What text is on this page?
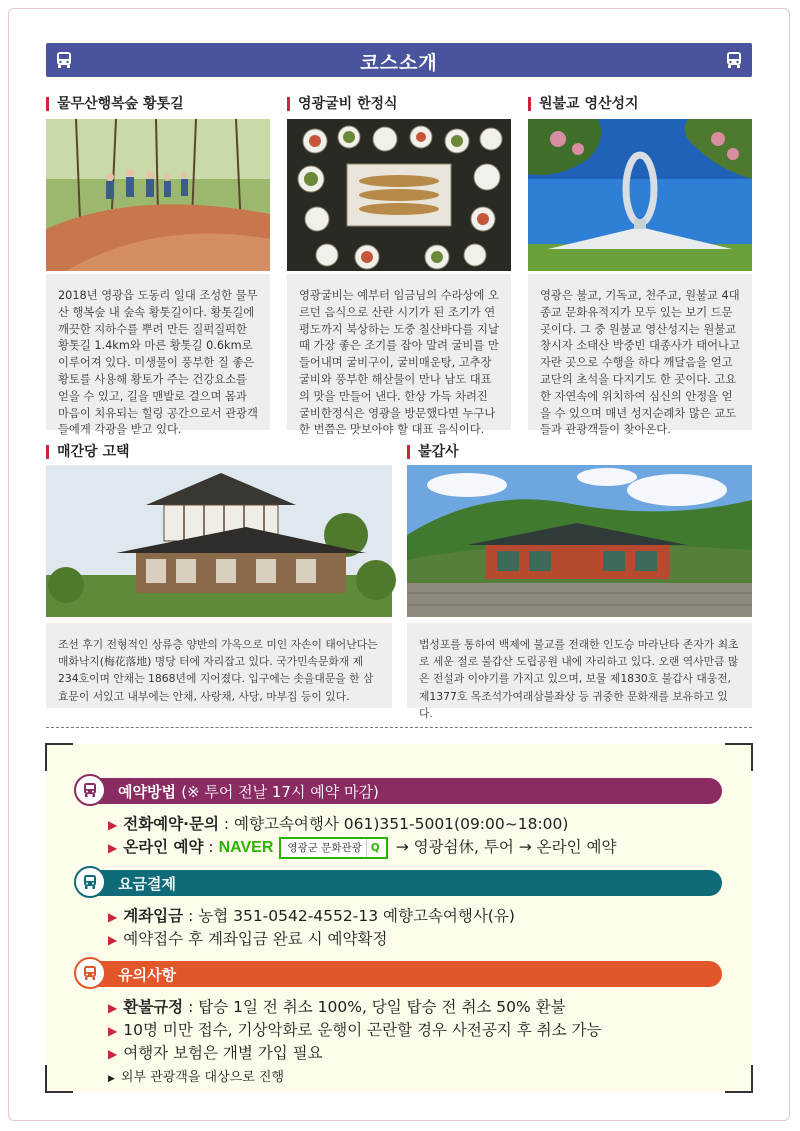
코스소개
물무산행복숲 황톳길
2018년 영광읍 도동리 일대 조성한 물무산 행복숲 내 숲속 황톳길이다. 황톳길에 깨끗한 지하수를 뿌려 만든 질퍽질퍽한 황톳길 1.4km와 마른 황톳길 0.6km로 이루어져 있다. 미생물이 풍부한 질 좋은 황토를 사용해 황토가 주는 건강요소를 얻을 수 있고, 길을 맨발로 걸으며 몸과 마음이 치유되는 힐링 공간으로서 관광객들에게 각광을 받고 있다.
영광굴비 한정식
영광굴비는 예부터 임금님의 수라상에 오르던 음식으로 산란 시기가 된 조기가 연평도까지 북상하는 도중 칠산바다를 지날 때 가장 좋은 조기를 잡아 말려 굴비를 만들어내며 굴비구이, 굴비매운탕, 고추장굴비와 풍부한 해산물이 만나 남도 대표의 맛을 만들어 낸다. 한상 가득 차려진 굴비한정식은 영광을 방문했다면 누구나 한 번쯤은 맛보아야 할 대표 음식이다.
원불교 영산성지
영광은 불교, 기독교, 천주교, 원불교 4대 종교 문화유적지가 모두 있는 보기 드문 곳이다. 그 중 원불교 영산성지는 원불교 창시자 소태산 박중빈 대종사가 태어나고 자란 곳으로 수행을 하다 깨달음을 얻고 교단의 초석을 다지기도 한 곳이다. 고요한 자연속에 위치하여 심신의 안정을 얻을 수 있으며 매년 성지순례차 많은 교도들과 관광객들이 찾아온다.
매간당 고택
조선 후기 전형적인 상류층 양반의 가옥으로 미인 자손이 태어난다는 매화낙지(梅花落地) 명당 터에 자리잡고 있다. 국가민속문화재 제234호이며 안채는 1868년에 지어졌다. 입구에는 솟을대문을 한 삼효문이 서있고 내부에는 안채, 사랑채, 사당, 마부집 등이 있다.
불갑사
법성포를 통하여 백제에 불교를 전래한 인도승 마라난타 존자가 최초로 세운 절로 불갑산 도립공원 내에 자리하고 있다. 오랜 역사만큼 많은 전설과 이야기를 가지고 있으며, 보물 제1830호 불갑사 대웅전, 제1377호 목조석가여래삼불좌상 등 귀중한 문화재를 보유하고 있다.
예약방법 (※ 투어 전날 17시 예약 마감)
▶ 전화예약·문의 : 예향고속여행사 061)351-5001(09:00~18:00)
▶ 온라인 예약 : NAVER 영광군 문화관광 Q → 영광쉼休, 투어 → 온라인 예약
요금결제
▶ 계좌입금 : 농협 351-0542-4552-13 예향고속여행사(유)
▶ 예약접수 후 계좌입금 완료 시 예약확정
유의사항
▶ 환불규정 : 탑승 1일 전 취소 100%, 당일 탑승 전 취소 50% 환불
▶ 10명 미만 접수, 기상악화로 운행이 곤란할 경우 사전공지 후 취소 가능
▶ 여행자 보험은 개별 가입 필요
▶ 외부 관광객을 대상으로 진행
